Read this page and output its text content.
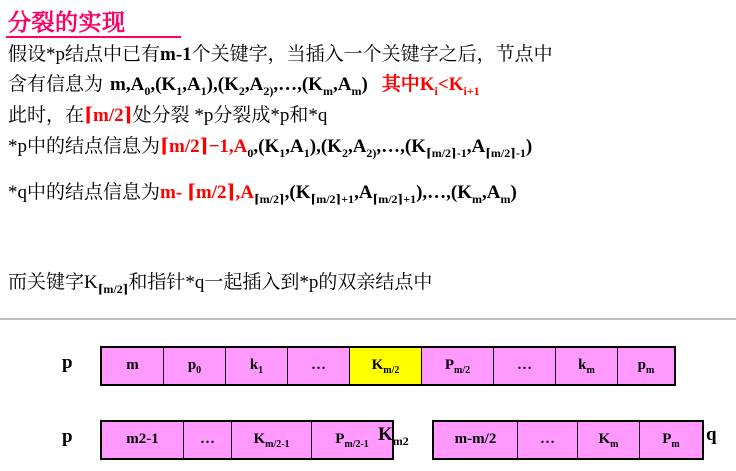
分裂的实现
假设*p结点中已有m-1个关键字，当插入一个关键字之后，节点中
含有信息为 $m,A_0,(K_1,A_1),(K_2,A_{2)},\dots,(K_m,A_m)$ 其中$K_i<K_{i+1}$
此时，在⌈m/2⌉处分裂 *p分裂成*p和*q
*p中的结点信息为$⌈m/2⌉-1,A_0,(K_1,A_1),(K_2,A_{2)},\dots,(K_{⌈m/2⌉-1},A_{⌈m/2⌉-1})$
*q中的结点信息为m- $⌈m/2⌉,A_{⌈m/2⌉},(K_{⌈m/2⌉+1},A_{⌈m/2⌉+1}),\dots,(K_m,A_m)$
而关键字$K_{⌈m/2⌉}$和指针*q一起插入到*p的双亲结点中
p
p
m	$p_0$	$k_1$	…	$K_{m/2}$	$P_{m/2}$	…	$k_m$	$p_m$
m2-1	…	$K_{m/2-1}$	$P_{m/2-1}$	m-m/2	…	$K_m$	$P_m$
$K_{m2}$	q
